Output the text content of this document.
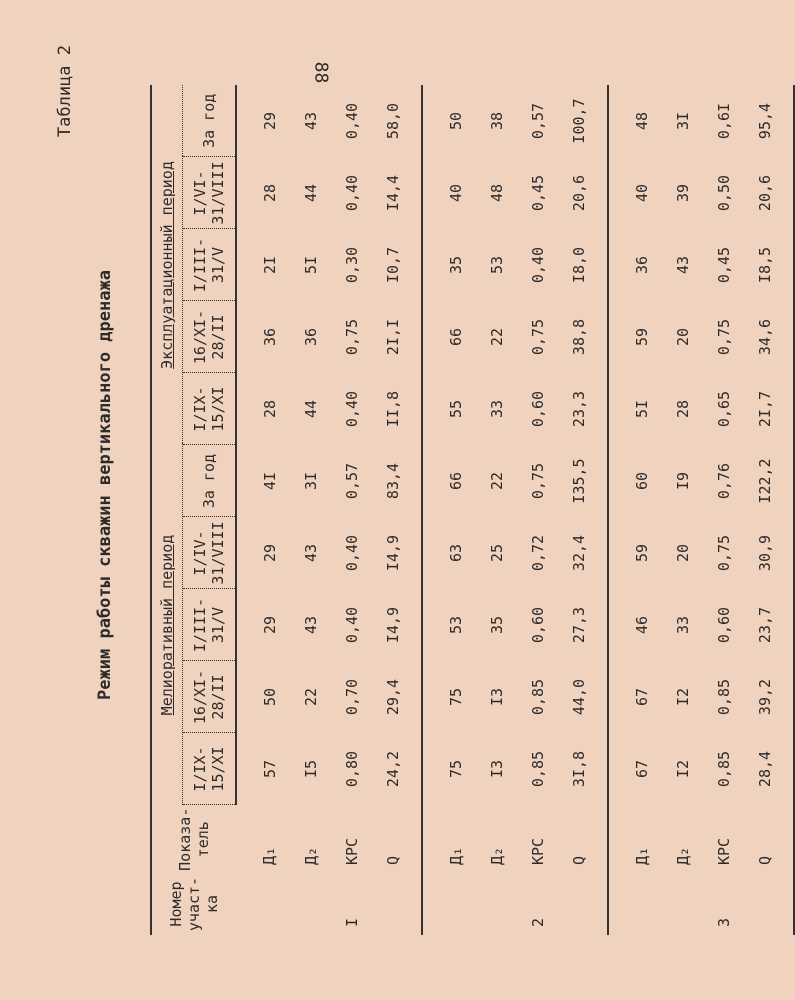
88
Таблица 2
Режим работы скважин вертикального дренажа
Номер участ- ка	Показа- тель	Мелиоративный период					Эксплуатационный период				
		I/IX- 15/XI	16/XI- 28/II	I/III- 31/V	I/IV- 31/VIII	За год	I/IX- 15/XI	16/XI- 28/II	I/III- 31/V	I/VI- 31/VIII	За год
	Д₁	57	50	29	29	4I	28	36	2I	28	29
	Д₂	I5	22	43	43	3I	44	36	5I	44	43
I	КРС	0,80	0,70	0,40	0,40	0,57	0,40	0,75	0,30	0,40	0,40
	Q	24,2	29,4	I4,9	I4,9	83,4	II,8	2I,I	I0,7	I4,4	58,0
	Д₁	75	75	53	63	66	55	66	35	40	50
	Д₂	I3	I3	35	25	22	33	22	53	48	38
2	КРС	0,85	0,85	0,60	0,72	0,75	0,60	0,75	0,40	0,45	0,57
	Q	3I,8	44,0	27,3	32,4	I35,5	23,3	38,8	I8,0	20,6	I00,7
	Д₁	67	67	46	59	60	5I	59	36	40	48
	Д₂	I2	I2	33	20	I9	28	20	43	39	3I
3	КРС	0,85	0,85	0,60	0,75	0,76	0,65	0,75	0,45	0,50	0,6I
	Q	28,4	39,2	23,7	30,9	I22,2	2I,7	34,6	I8,5	20,6	95,4
